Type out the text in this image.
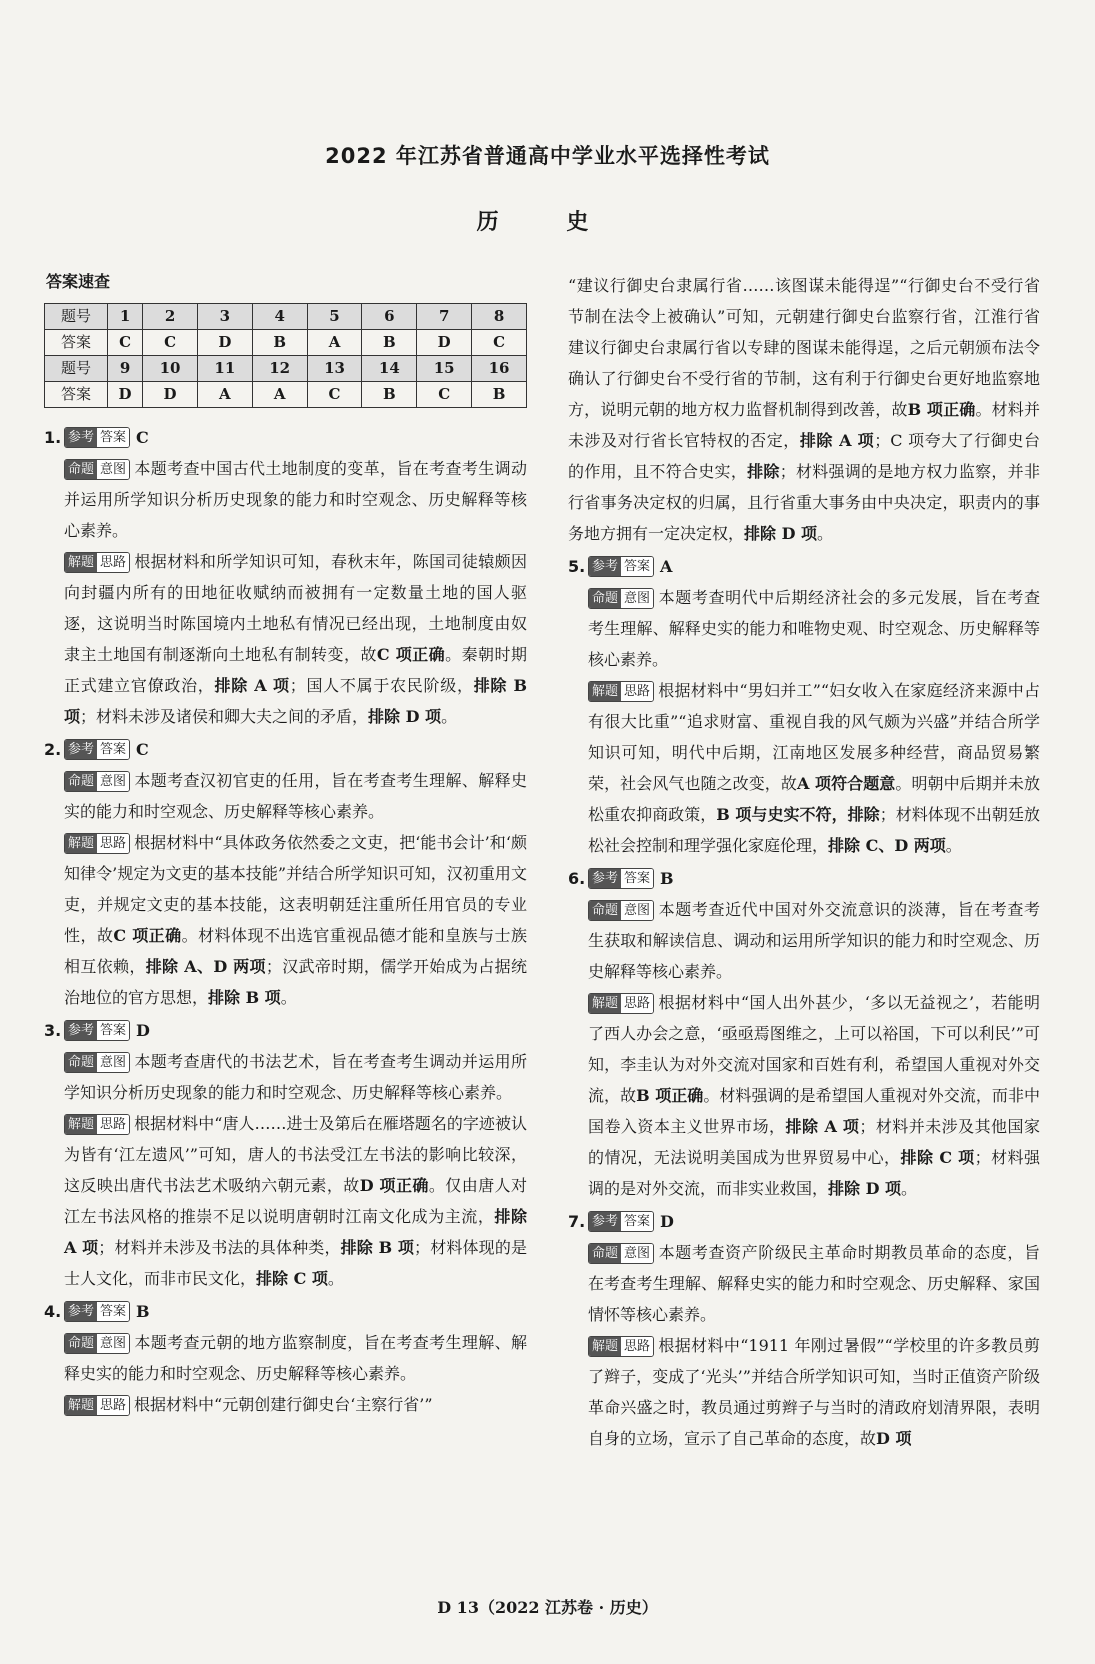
2022 年江苏省普通高中学业水平选择性考试
历 史
答案速查
题号	1	2	3	4	5	6	7	8
答案	C	C	D	B	A	B	D	C
题号	9	10	11	12	13	14	15	16
答案	D	D	A	A	C	B	C	B
1. 参考 答案 C
命题 意图 本题考查中国古代土地制度的变革，旨在考查考生调动并运用所学知识分析历史现象的能力和时空观念、历史解释等核心素养。
解题 思路 根据材料和所学知识可知，春秋末年，陈国司徒辕颇因向封疆内所有的田地征收赋纳而被拥有一定数量土地的国人驱逐，这说明当时陈国境内土地私有情况已经出现，土地制度由奴隶主土地国有制逐渐向土地私有制转变，故C 项正确。秦朝时期正式建立官僚政治，排除 A 项；国人不属于农民阶级，排除 B 项；材料未涉及诸侯和卿大夫之间的矛盾，排除 D 项。
2. 参考 答案 C
命题 意图 本题考查汉初官吏的任用，旨在考查考生理解、解释史实的能力和时空观念、历史解释等核心素养。
解题 思路 根据材料中“具体政务依然委之文吏，把‘能书会计’和‘颇知律令’规定为文吏的基本技能”并结合所学知识可知，汉初重用文吏，并规定文吏的基本技能，这表明朝廷注重所任用官员的专业性，故C 项正确。材料体现不出选官重视品德才能和皇族与士族相互依赖，排除 A、D 两项；汉武帝时期，儒学开始成为占据统治地位的官方思想，排除 B 项。
3. 参考 答案 D
命题 意图 本题考查唐代的书法艺术，旨在考查考生调动并运用所学知识分析历史现象的能力和时空观念、历史解释等核心素养。
解题 思路 根据材料中“唐人……进士及第后在雁塔题名的字迹被认为皆有‘江左遗风’”可知，唐人的书法受江左书法的影响比较深，这反映出唐代书法艺术吸纳六朝元素，故D 项正确。仅由唐人对江左书法风格的推崇不足以说明唐朝时江南文化成为主流，排除 A 项；材料并未涉及书法的具体种类，排除 B 项；材料体现的是士人文化，而非市民文化，排除 C 项。
4. 参考 答案 B
命题 意图 本题考查元朝的地方监察制度，旨在考查考生理解、解释史实的能力和时空观念、历史解释等核心素养。
解题 思路 根据材料中“元朝创建行御史台‘主察行省’”
“建议行御史台隶属行省……该图谋未能得逞”“行御史台不受行省节制在法令上被确认”可知，元朝建行御史台监察行省，江淮行省建议行御史台隶属行省以专肆的图谋未能得逞，之后元朝颁布法令确认了行御史台不受行省的节制，这有利于行御史台更好地监察地方，说明元朝的地方权力监督机制得到改善，故B 项正确。材料并未涉及对行省长官特权的否定，排除 A 项；C 项夸大了行御史台的作用，且不符合史实，排除；材料强调的是地方权力监察，并非行省事务决定权的归属，且行省重大事务由中央决定，职责内的事务地方拥有一定决定权，排除 D 项。
5. 参考 答案 A
命题 意图 本题考查明代中后期经济社会的多元发展，旨在考查考生理解、解释史实的能力和唯物史观、时空观念、历史解释等核心素养。
解题 思路 根据材料中“男妇并工”“妇女收入在家庭经济来源中占有很大比重”“追求财富、重视自我的风气颇为兴盛”并结合所学知识可知，明代中后期，江南地区发展多种经营，商品贸易繁荣，社会风气也随之改变，故A 项符合题意。明朝中后期并未放松重农抑商政策，B 项与史实不符，排除；材料体现不出朝廷放松社会控制和理学强化家庭伦理，排除 C、D 两项。
6. 参考 答案 B
命题 意图 本题考查近代中国对外交流意识的淡薄，旨在考查考生获取和解读信息、调动和运用所学知识的能力和时空观念、历史解释等核心素养。
解题 思路 根据材料中“国人出外甚少，‘多以无益视之’，若能明了西人办会之意，‘亟亟焉图维之，上可以裕国，下可以利民’”可知，李圭认为对外交流对国家和百姓有利，希望国人重视对外交流，故B 项正确。材料强调的是希望国人重视对外交流，而非中国卷入资本主义世界市场，排除 A 项；材料并未涉及其他国家的情况，无法说明美国成为世界贸易中心，排除 C 项；材料强调的是对外交流，而非实业救国，排除 D 项。
7. 参考 答案 D
命题 意图 本题考查资产阶级民主革命时期教员革命的态度，旨在考查考生理解、解释史实的能力和时空观念、历史解释、家国情怀等核心素养。
解题 思路 根据材料中“1911 年刚过暑假”“学校里的许多教员剪了辫子，变成了‘光头’”并结合所学知识可知，当时正值资产阶级革命兴盛之时，教员通过剪辫子与当时的清政府划清界限，表明自身的立场，宣示了自己革命的态度，故D 项
D 13（2022 江苏卷 · 历史）
